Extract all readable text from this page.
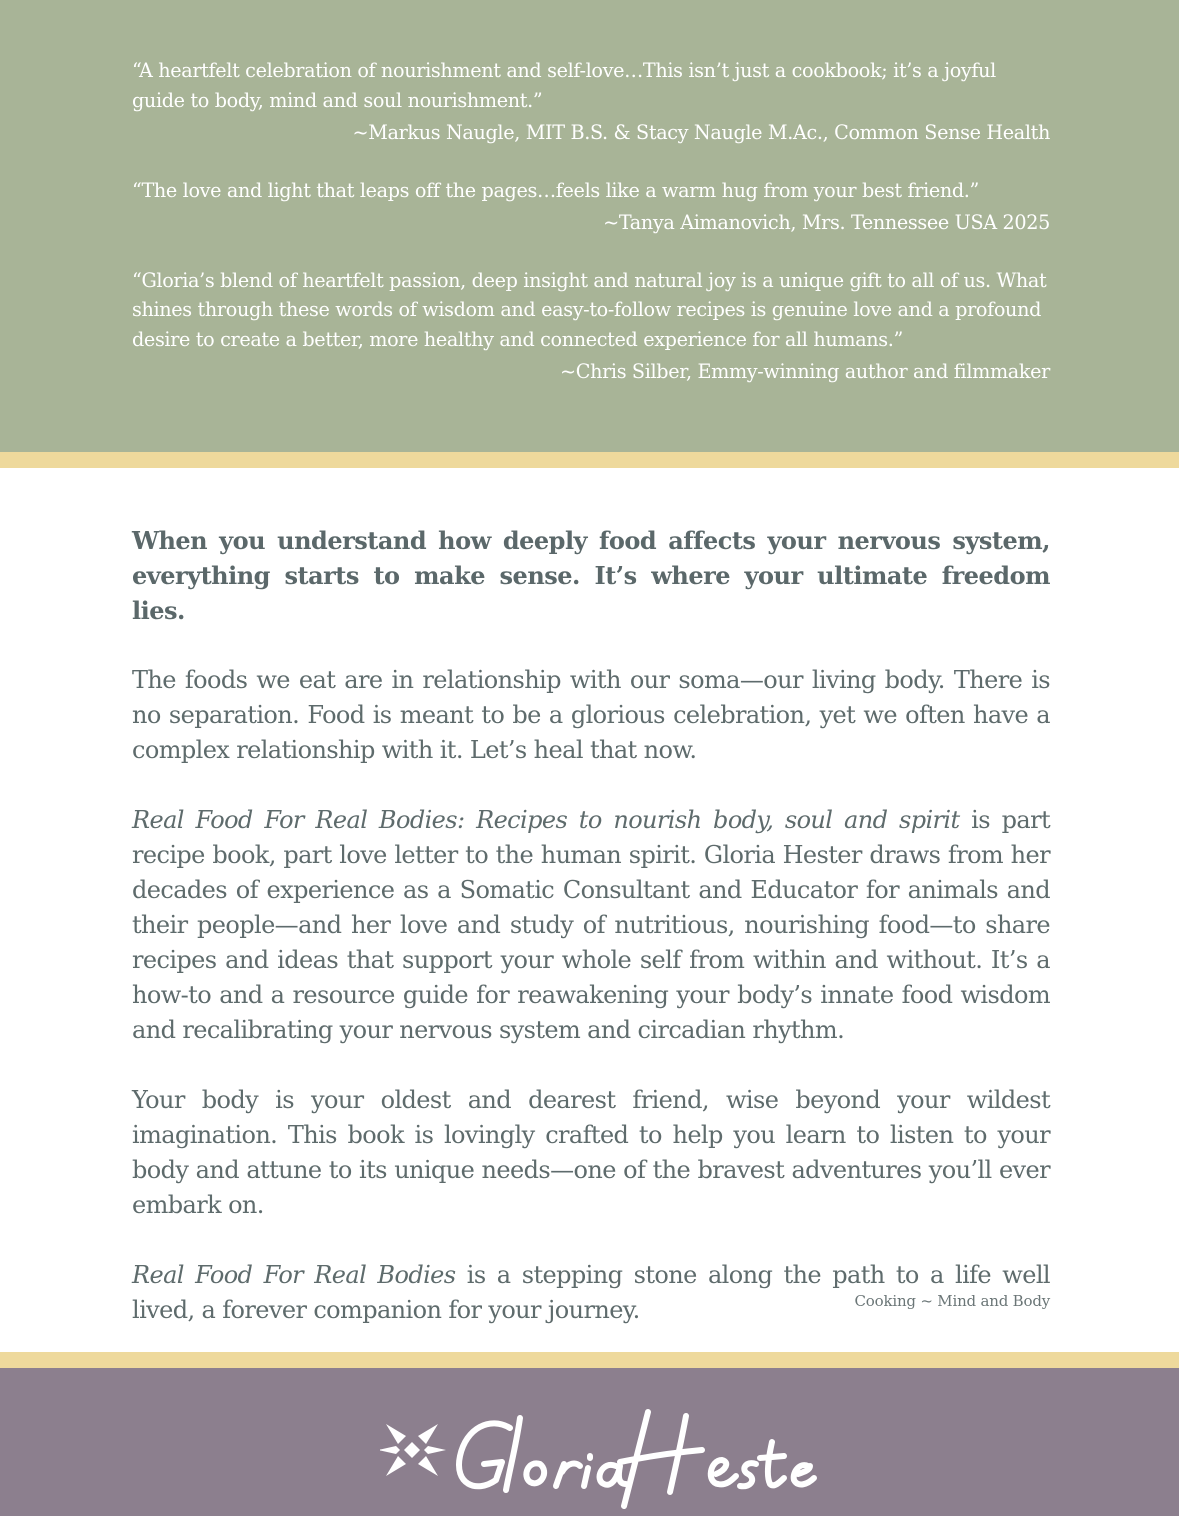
“A heartfelt celebration of nourishment and self-love…This isn’t just a cookbook; it’s a joyful guide to body, mind and soul nourishment.”

~Markus Naugle, MIT B.S. & Stacy Naugle M.Ac., Common Sense Health

“The love and light that leaps off the pages…feels like a warm hug from your best friend.”

~Tanya Aimanovich, Mrs. Tennessee USA 2025

“Gloria’s blend of heartfelt passion, deep insight and natural joy is a unique gift to all of us. What shines through these words of wisdom and easy-to-follow recipes is genuine love and a profound desire to create a better, more healthy and connected experience for all humans.”

~Chris Silber, Emmy-winning author and filmmaker

When you understand how deeply food affects your nervous system, everything starts to make sense. It’s where your ultimate freedom lies.

The foods we eat are in relationship with our soma—our living body. There is no separation. Food is meant to be a glorious celebration, yet we often have a complex relationship with it. Let’s heal that now.

Real Food For Real Bodies: Recipes to nourish body, soul and spirit is part recipe book, part love letter to the human spirit. Gloria Hester draws from her decades of experience as a Somatic Consultant and Educator for animals and their people—and her love and study of nutritious, nourishing food—to share recipes and ideas that support your whole self from within and without. It’s a how-to and a resource guide for reawakening your body’s innate food wisdom and recalibrating your nervous system and circadian rhythm.

Your body is your oldest and dearest friend, wise beyond your wildest imagination. This book is lovingly crafted to help you learn to listen to your body and attune to its unique needs—one of the bravest adventures you’ll ever embark on.

Real Food For Real Bodies is a stepping stone along the path to a life well lived, a forever companion for your journey.	Cooking ~ Mind and Body
